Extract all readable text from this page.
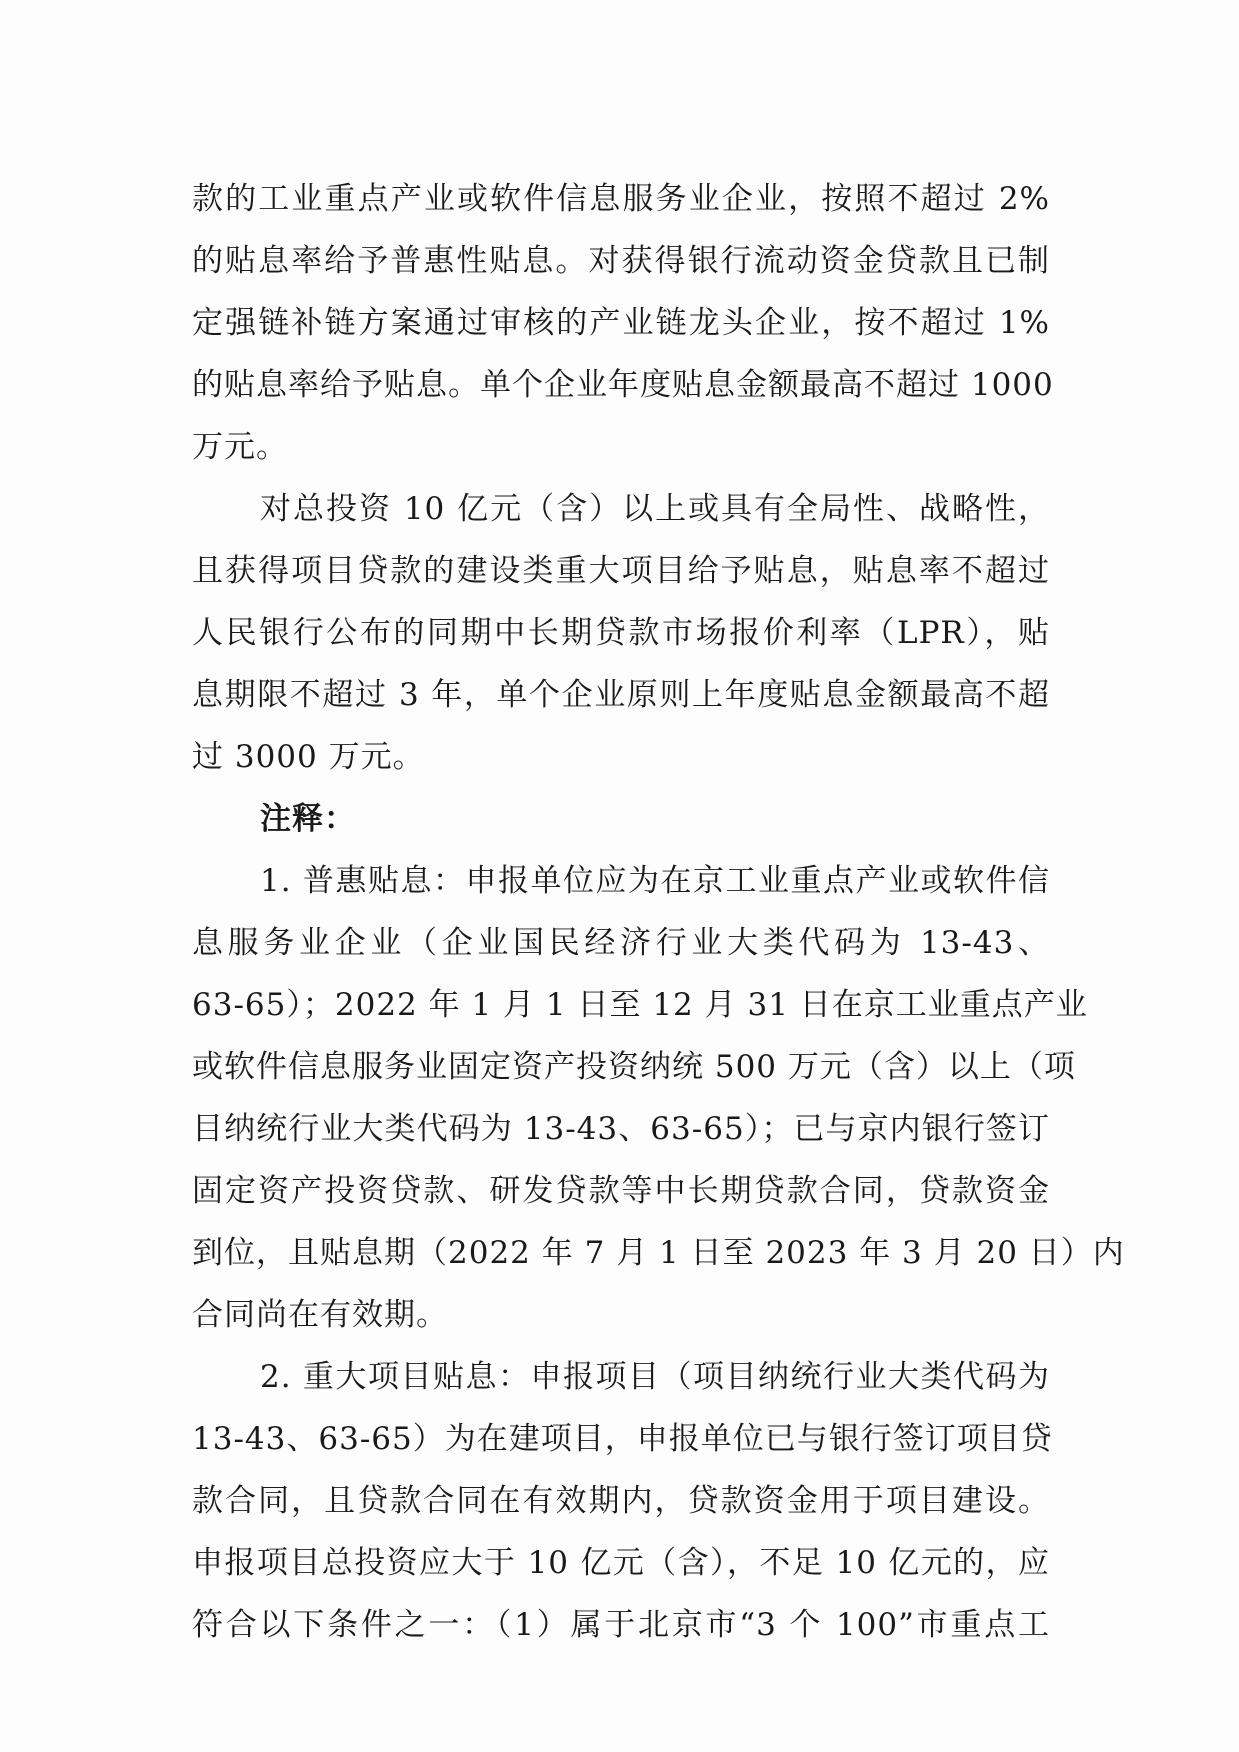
款的工业重点产业或软件信息服务业企业，按照不超过 2%
的贴息率给予普惠性贴息。对获得银行流动资金贷款且已制
定强链补链方案通过审核的产业链龙头企业，按不超过 1%
的贴息率给予贴息。单个企业年度贴息金额最高不超过 1000
万元。
对总投资 10 亿元（含）以上或具有全局性、战略性，
且获得项目贷款的建设类重大项目给予贴息，贴息率不超过
人民银行公布的同期中长期贷款市场报价利率（LPR），贴
息期限不超过 3 年，单个企业原则上年度贴息金额最高不超
过 3000 万元。
注释：
1. 普惠贴息：申报单位应为在京工业重点产业或软件信
息服务业企业（企业国民经济行业大类代码为 13-43、
63-65）；2022 年 1 月 1 日至 12 月 31 日在京工业重点产业
或软件信息服务业固定资产投资纳统 500 万元（含）以上（项
目纳统行业大类代码为 13-43、63-65）；已与京内银行签订
固定资产投资贷款、研发贷款等中长期贷款合同，贷款资金
到位，且贴息期（2022 年 7 月 1 日至 2023 年 3 月 20 日）内
合同尚在有效期。
2. 重大项目贴息：申报项目（项目纳统行业大类代码为
13-43、63-65）为在建项目，申报单位已与银行签订项目贷
款合同，且贷款合同在有效期内，贷款资金用于项目建设。
申报项目总投资应大于 10 亿元（含），不足 10 亿元的，应
符合以下条件之一：（1）属于北京市“3 个 100”市重点工
